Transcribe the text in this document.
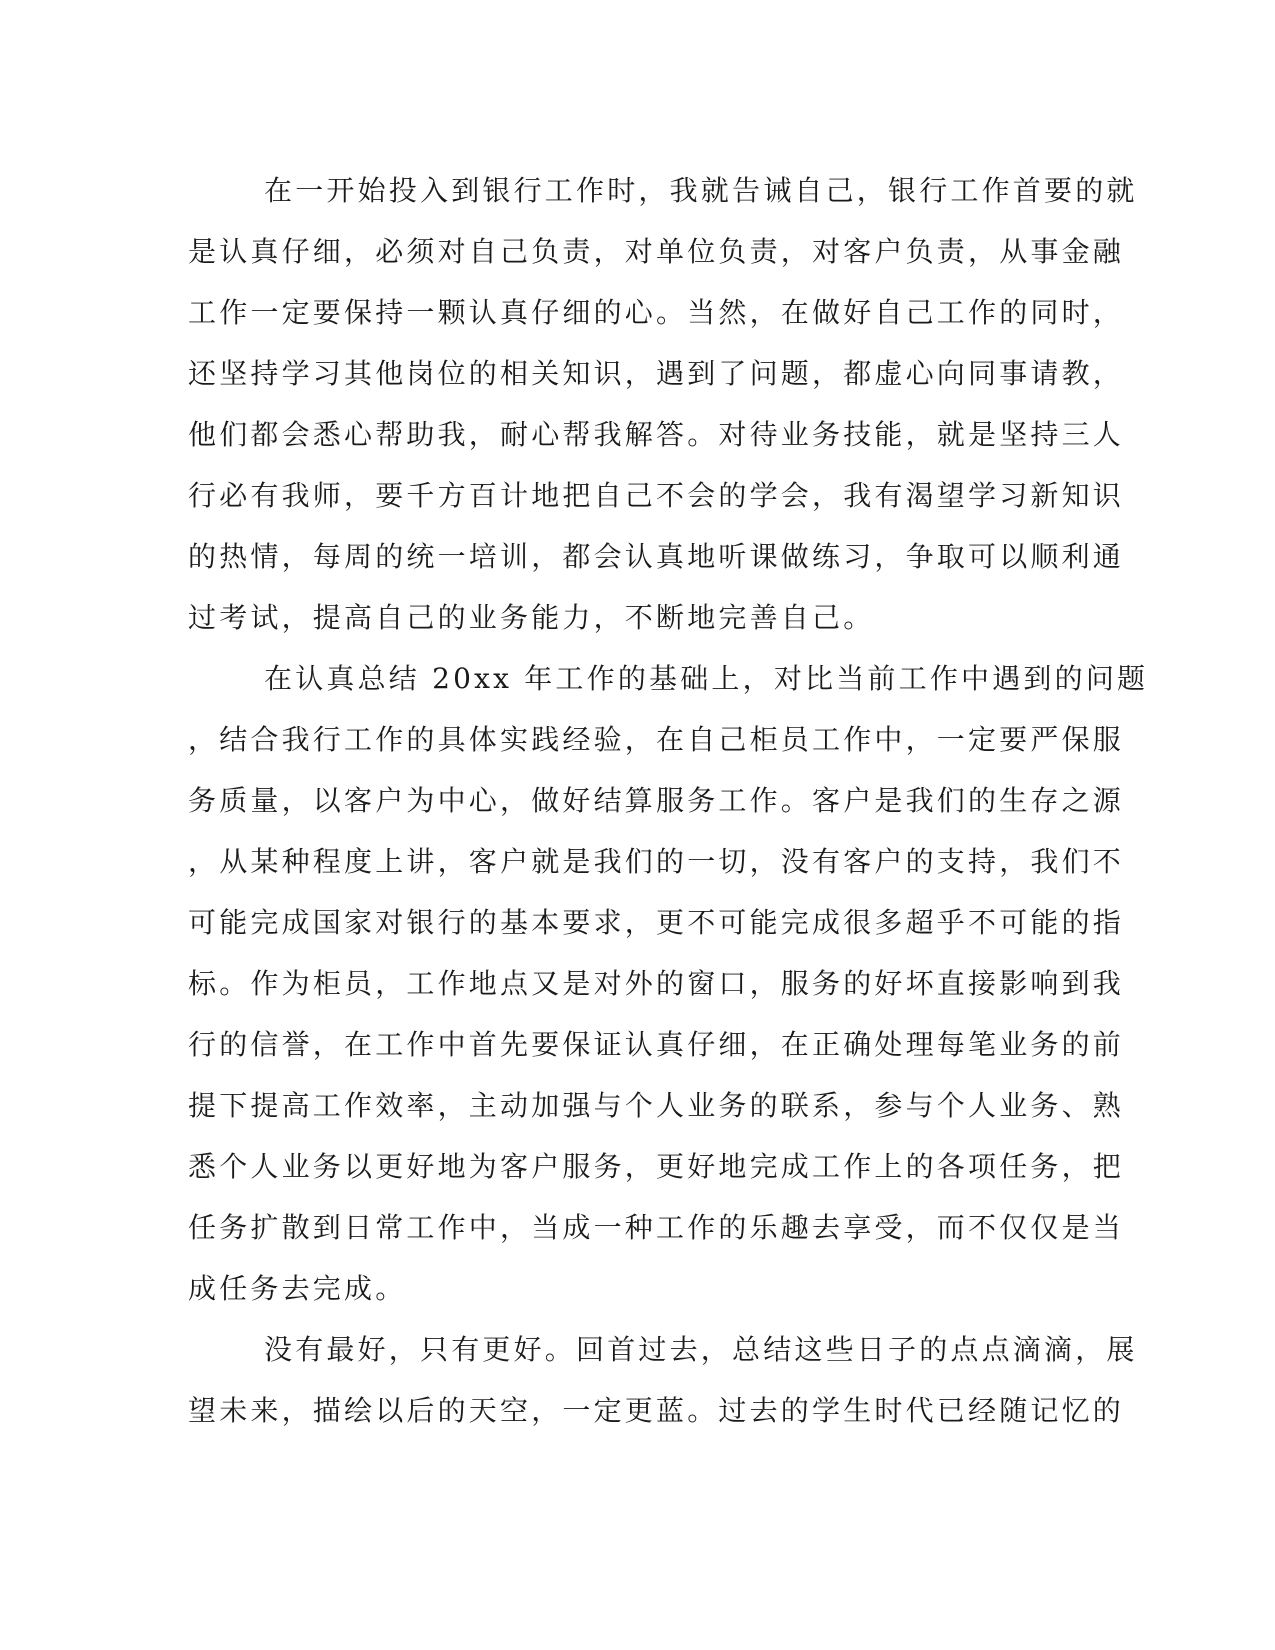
在一开始投入到银行工作时，我就告诫自己，银行工作首要的就
是认真仔细，必须对自己负责，对单位负责，对客户负责，从事金融
工作一定要保持一颗认真仔细的心。当然，在做好自己工作的同时，
还坚持学习其他岗位的相关知识，遇到了问题，都虚心向同事请教，
他们都会悉心帮助我，耐心帮我解答。对待业务技能，就是坚持三人
行必有我师，要千方百计地把自己不会的学会，我有渴望学习新知识
的热情，每周的统一培训，都会认真地听课做练习，争取可以顺利通
过考试，提高自己的业务能力，不断地完善自己。
在认真总结 20xx 年工作的基础上，对比当前工作中遇到的问题
，结合我行工作的具体实践经验，在自己柜员工作中，一定要严保服
务质量，以客户为中心，做好结算服务工作。客户是我们的生存之源
，从某种程度上讲，客户就是我们的一切，没有客户的支持，我们不
可能完成国家对银行的基本要求，更不可能完成很多超乎不可能的指
标。作为柜员，工作地点又是对外的窗口，服务的好坏直接影响到我
行的信誉，在工作中首先要保证认真仔细，在正确处理每笔业务的前
提下提高工作效率，主动加强与个人业务的联系，参与个人业务、熟
悉个人业务以更好地为客户服务，更好地完成工作上的各项任务，把
任务扩散到日常工作中，当成一种工作的乐趣去享受，而不仅仅是当
成任务去完成。
没有最好，只有更好。回首过去，总结这些日子的点点滴滴，展
望未来，描绘以后的天空，一定更蓝。过去的学生时代已经随记忆的
